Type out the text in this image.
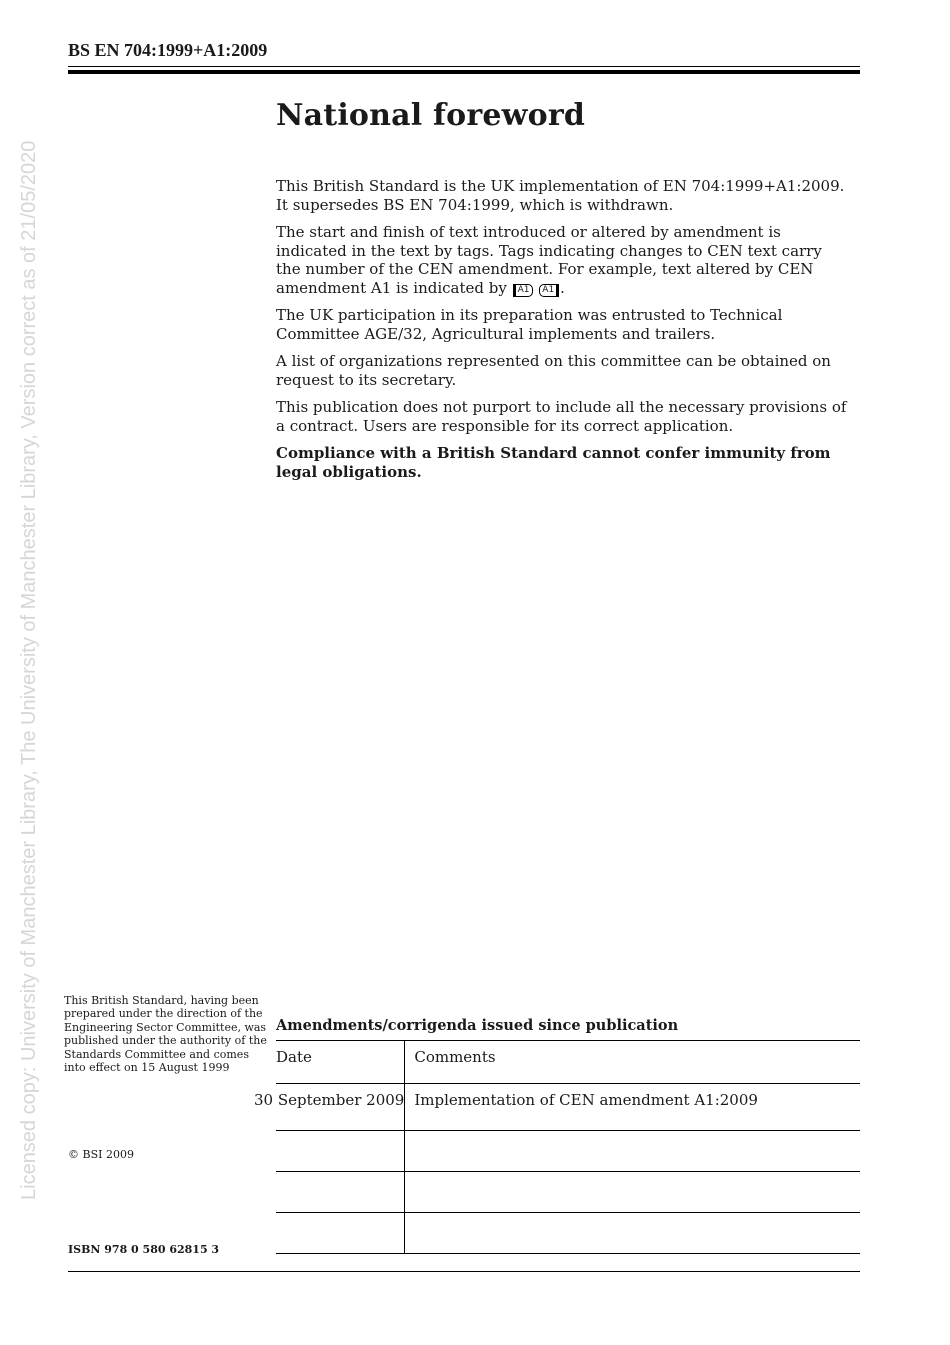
BS EN 704:1999+A1:2009
Licensed copy: University of Manchester Library, The University of Manchester Library, Version correct as of 21/05/2020
National foreword

This British Standard is the UK implementation of EN 704:1999+A1:2009. It supersedes BS EN 704:1999, which is withdrawn.

The start and finish of text introduced or altered by amendment is indicated in the text by tags. Tags indicating changes to CEN text carry the number of the CEN amendment. For example, text altered by CEN amendment A1 is indicated by A1 A1 .

The UK participation in its preparation was entrusted to Technical Committee AGE/32, Agricultural implements and trailers.

A list of organizations represented on this committee can be obtained on request to its secretary.

This publication does not purport to include all the necessary provisions of a contract. Users are responsible for its correct application.

Compliance with a British Standard cannot confer immunity from legal obligations.

This British Standard, having been prepared under the direction of the Engineering Sector Committee, was published under the authority of the Standards Committee and comes into effect on 15 August 1999
© BSI 2009
ISBN 978 0 580 62815 3
Amendments/corrigenda issued since publication
Date	Comments
30 September 2009	Implementation of CEN amendment A1:2009
